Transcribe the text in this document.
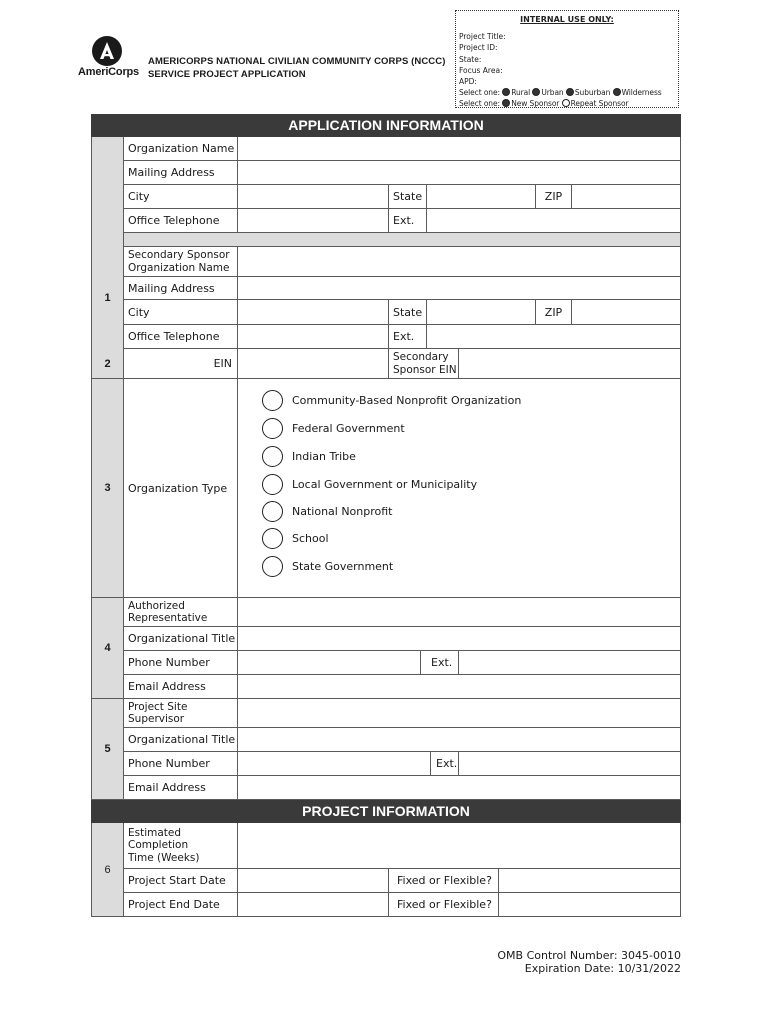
AmeriCorps
AMERICORPS NATIONAL CIVILIAN COMMUNITY CORPS (NCCC)
SERVICE PROJECT APPLICATION
INTERNAL USE ONLY:
Project Title:
Project ID:
State:
Focus Area:
APD:
Select one: Rural Urban Suburban Wilderness
Select one: New Sponsor Repeat Sponsor
APPLICATION INFORMATION
1
Organization Name
Mailing Address
City	State	ZIP
Office Telephone	Ext.
Secondary Sponsor
Organization Name
Mailing Address
City	State	ZIP
Office Telephone	Ext.
2	EIN	Secondary
Sponsor EIN
3	Organization Type
Community-Based Nonprofit Organization
Federal Government
Indian Tribe
Local Government or Municipality
National Nonprofit
School
State Government
4
Authorized
Representative
Organizational Title
Phone Number	Ext.
Email Address
5
Project Site
Supervisor
Organizational Title
Phone Number	Ext.
Email Address
PROJECT INFORMATION
6
Estimated
Completion
Time (Weeks)
Project Start Date	Fixed or Flexible?
Project End Date	Fixed or Flexible?
OMB Control Number: 3045-0010
Expiration Date: 10/31/2022
